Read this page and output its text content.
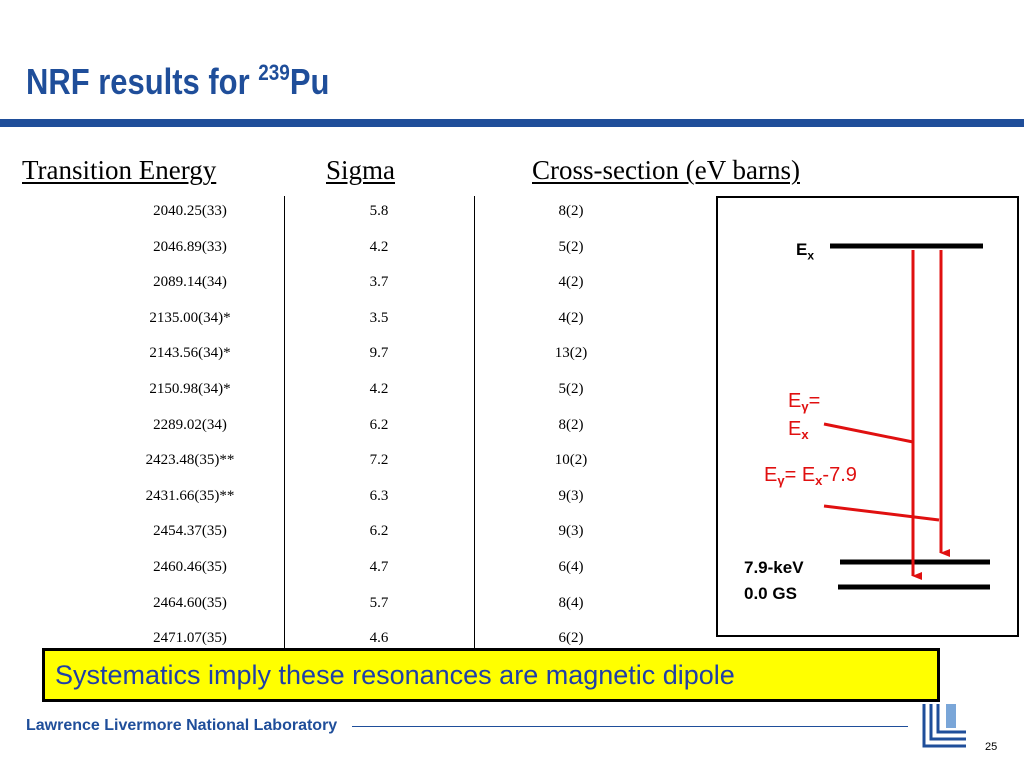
NRF results for $^{239}$Pu
Transition Energy	Sigma	Cross-section (eV barns)
2040.25(33)	5.8	8(2)
2046.89(33)	4.2	5(2)
2089.14(34)	3.7	4(2)
2135.00(34)*	3.5	4(2)
2143.56(34)*	9.7	13(2)
2150.98(34)*	4.2	5(2)
2289.02(34)	6.2	8(2)
2423.48(35)**	7.2	10(2)
2431.66(35)**	6.3	9(3)
2454.37(35)	6.2	9(3)
2460.46(35)	4.7	6(4)
2464.60(35)	5.7	8(4)
2471.07(35)	4.6	6(2)
$E_x$
$E_\gamma=$
$E_x$
$E_\gamma= E_x-7.9$
7.9-keV
0.0 GS
Systematics imply these resonances are magnetic dipole
Lawrence Livermore National Laboratory
25
